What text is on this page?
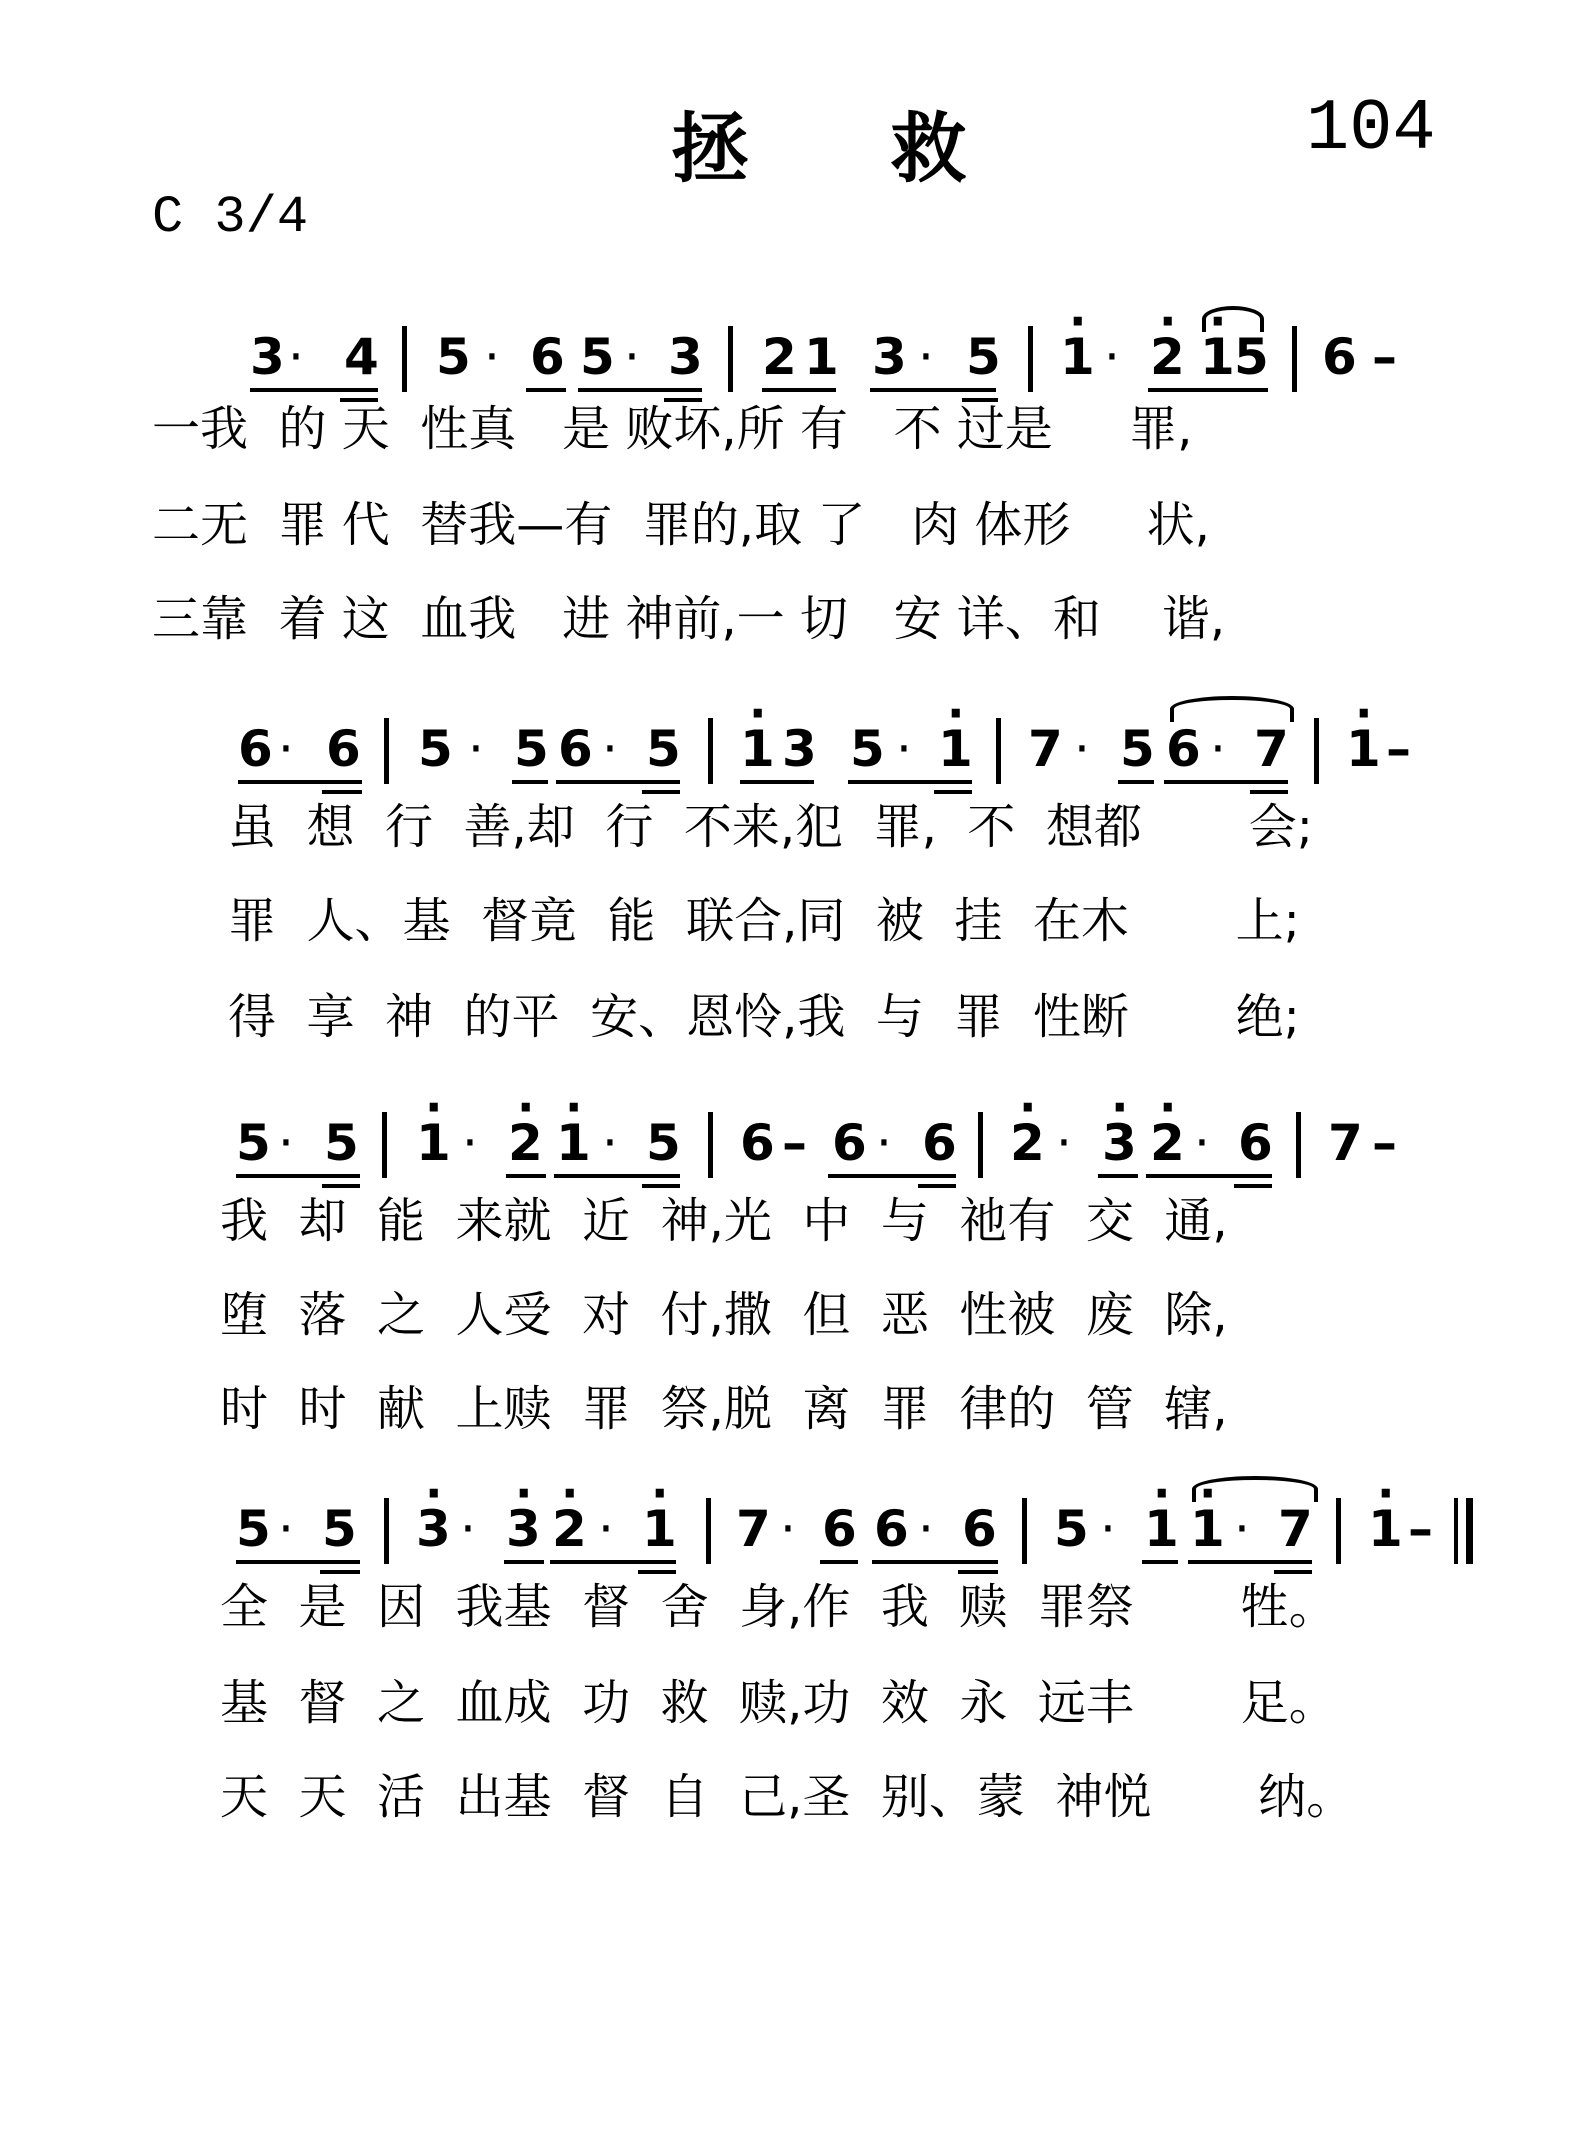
拯 救	104
C 3/4
3 · 4 5 · 6 5 · 3 2 1 3 · 5 · 1 · · 2 · 1 5 6 –
一我  的 天  性真   是 败坏,所 有   不 过是     罪,
二无  罪 代  替我—有  罪的,取 了   肉 体形     状,
三靠  着 这  血我   进 神前,一 切   安 详、和    谐,
6 · 6 5 · 5 6 · 5 · 1 3 5 · · 1 7 · 5 6 · 7 · 1 –
虽  想  行  善,却  行  不来,犯  罪,  不  想都       会;
罪  人、基  督竟  能  联合,同  被  挂  在木       上;
得  享  神  的平  安、恩怜,我  与  罪  性断       绝;
5 · 5 · 1 · · 2 · 1 · 5 6 – 6 · 6 · 2 · · 3 · 2 · 6 7 –
我  却  能  来就  近  神,光  中  与  祂有  交  通,
堕  落  之  人受  对  付,撒  但  恶  性被  废  除,
时  时  献  上赎  罪  祭,脱  离  罪  律的  管  辖,
5 · 5 · 3 · · 3 · 2 · · 1 7 · 6 6 · 6 5 · · 1 · 1 · 7 · 1 –
全  是  因  我基  督  舍  身,作  我  赎  罪祭       牲。
基  督  之  血成  功  救  赎,功  效  永  远丰       足。
天  天  活  出基  督  自  己,圣  别、蒙  神悦       纳。
